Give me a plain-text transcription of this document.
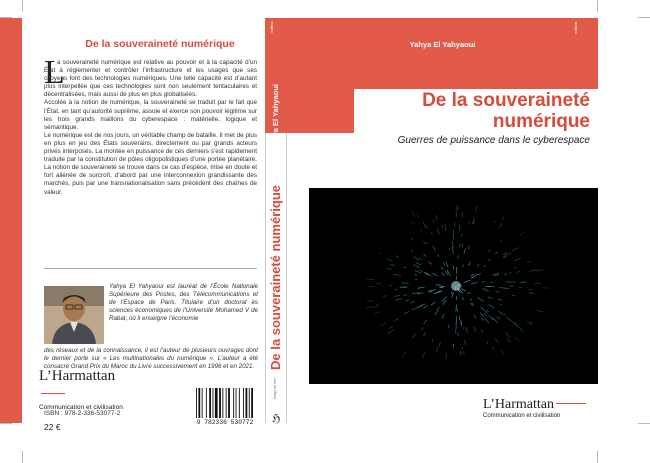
De la souveraineté numérique
L

a souveraineté numérique est relative au pouvoir et à la capacité d’un État à réglementer et contrôler l’infrastructure et les usages que ses citoyens font des technologies numériques. Une telle capacité est d’autant plus interpellée que ces technologies sont non seulement tentaculaires et décentralisées, mais aussi de plus en plus globalisées.

Accolée à la notion de numérique, la souveraineté se traduit par le fait que l’État, en tant qu’autorité suprême, assoie et exerce son pouvoir légitime sur les trois grands maillons du cyberespace : matérielle, logique et sémantique.

Le numérique est de nos jours, un véritable champ de bataille. Il met de plus en plus en jeu des États souverains, directement ou par grands acteurs privés interposés. La montée en puissance de ces derniers s’est rapidement traduite par la constitution de pôles oligopolistiques d’une portée planétaire. La notion de souveraineté se trouve dans ce cas d’espèce, mise en doute et fort aliénée de surcroît, d’abord par une interconnexion grandissante des marchés, puis par une transnationalisation sans précédent des chaînes de valeur.

Yahya El Yahyaoui est lauréat de l’École Nationale Supérieure des Postes, des Télécommunications et de l’Espace de Paris. Titulaire d’un doctorat ès sciences économiques de l’Université Mohamed V de Rabat, où il enseigne l’économie
des réseaux et de la connaissance, il est l’auteur de plusieurs ouvrages dont le dernier porte sur « Les multinationales du numérique ». L’auteur a été consacré Grand Prix du Maroc du Livre successivement en 1996 et en 2021.
L’Harmattan
Communication et civilisation
ISBN : 978-2-336-53077-2
22 €	9 782336 530772
edition
Yahya El Yahyaoui
De la souveraineté numérique
Image de titre
ℌ
edition
Yahya El Yahyaoui
De la souveraineté
numérique
Guerres de puissance dans le cyberespace
L’Harmattan
Communication et civilisation
